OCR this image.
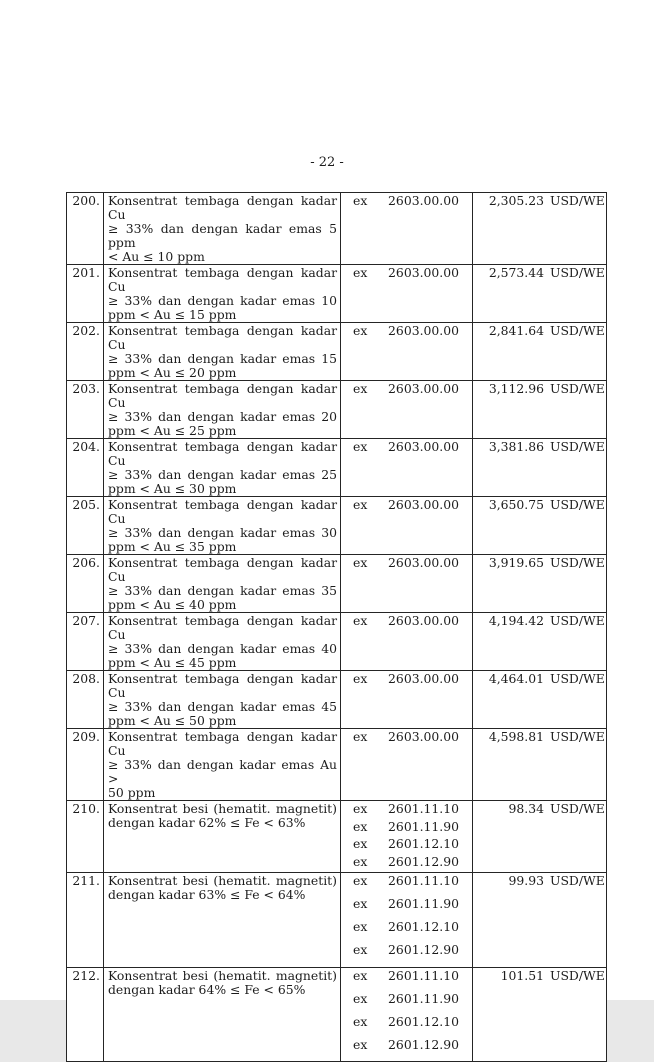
- 22 -
200. Konsentrat tembaga dengan kadar Cu
≥ 33% dan dengan kadar emas 5 ppm
< Au ≤ 10 ppm
ex 2603.00.00	2,305.23 USD/WE
201. Konsentrat tembaga dengan kadar Cu
≥ 33% dan dengan kadar emas 10
ppm < Au ≤ 15 ppm
ex 2603.00.00	2,573.44 USD/WE
202. Konsentrat tembaga dengan kadar Cu
≥ 33% dan dengan kadar emas 15
ppm < Au ≤ 20 ppm
ex 2603.00.00	2,841.64 USD/WE
203. Konsentrat tembaga dengan kadar Cu
≥ 33% dan dengan kadar emas 20
ppm < Au ≤ 25 ppm
ex 2603.00.00	3,112.96 USD/WE
204. Konsentrat tembaga dengan kadar Cu
≥ 33% dan dengan kadar emas 25
ppm < Au ≤ 30 ppm
ex 2603.00.00	3,381.86 USD/WE
205. Konsentrat tembaga dengan kadar Cu
≥ 33% dan dengan kadar emas 30
ppm < Au ≤ 35 ppm
ex 2603.00.00	3,650.75 USD/WE
206. Konsentrat tembaga dengan kadar Cu
≥ 33% dan dengan kadar emas 35
ppm < Au ≤ 40 ppm
ex 2603.00.00	3,919.65 USD/WE
207. Konsentrat tembaga dengan kadar Cu
≥ 33% dan dengan kadar emas 40
ppm < Au ≤ 45 ppm
ex 2603.00.00	4,194.42 USD/WE
208. Konsentrat tembaga dengan kadar Cu
≥ 33% dan dengan kadar emas 45
ppm < Au ≤ 50 ppm
ex 2603.00.00	4,464.01 USD/WE
209. Konsentrat tembaga dengan kadar Cu
≥ 33% dan dengan kadar emas Au >
50 ppm
ex 2603.00.00	4,598.81 USD/WE
210. Konsentrat besi (hematit. magnetit)
dengan kadar 62% ≤ Fe < 63%
ex 2601.11.10
ex 2601.11.90
ex 2601.12.10
ex 2601.12.90
98.34 USD/WE
211. Konsentrat besi (hematit. magnetit)
dengan kadar 63% ≤ Fe < 64%
ex 2601.11.10
ex 2601.11.90
ex 2601.12.10
ex 2601.12.90
99.93 USD/WE
212. Konsentrat besi (hematit. magnetit)
dengan kadar 64% ≤ Fe < 65%
ex 2601.11.10
ex 2601.11.90
ex 2601.12.10
ex 2601.12.90
101.51 USD/WE
